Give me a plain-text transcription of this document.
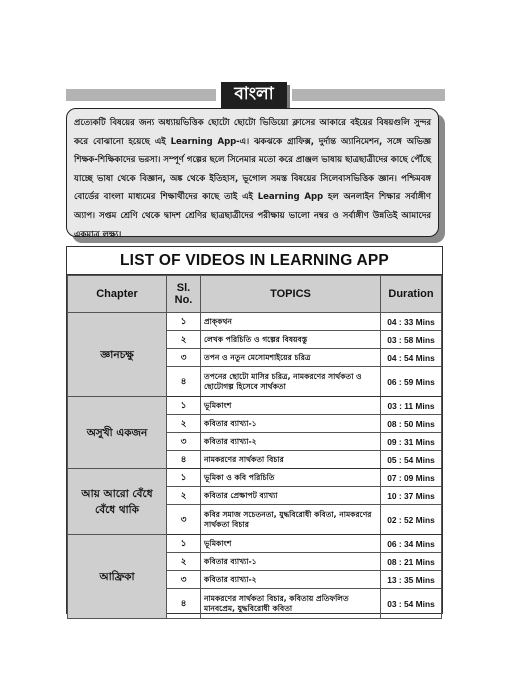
বাংলা

প্রত্যেকটি বিষয়ের জন্য অধ্যায়ভিত্তিক ছোটো ছোটো ভিডিয়ো ক্লাসের আকারে বইয়ের বিষয়গুলি সুন্দর করে বোঝানো হয়েছে এই Learning App-এ। ঝকঝকে গ্রাফিক্স, দুর্দান্ত অ্যানিমেশন, সঙ্গে অভিজ্ঞ শিক্ষক-শিক্ষিকাদের ভরসা। সম্পূর্ণ গল্পের ছলে সিনেমার মতো করে প্রাঞ্জল ভাষায় ছাত্রছাত্রীদের কাছে পৌঁছে যাচ্ছে ভাষা থেকে বিজ্ঞান, অঙ্ক থেকে ইতিহাস, ভূগোল সমস্ত বিষয়ের সিলেবাসভিত্তিক জ্ঞান। পশ্চিমবঙ্গ বোর্ডের বাংলা মাধ্যমের শিক্ষার্থীদের কাছে তাই এই Learning App হল অনলাইন শিক্ষার সর্বাঙ্গীণ অ্যাপ। সপ্তম শ্রেণি থেকে দ্বাদশ শ্রেণির ছাত্রছাত্রীদের পরীক্ষায় ভালো নম্বর ও সর্বাঙ্গীণ উন্নতিই আমাদের একমাত্র লক্ষ্য।

LIST OF VIDEOS IN LEARNING APP
Chapter	Sl. No.	TOPICS	Duration
জ্ঞানচক্ষু	১	প্রাক্‌কথন	04 : 33 Mins
	২	লেখক পরিচিতি ও গল্পের বিষয়বস্তু	03 : 58 Mins
	৩	তপন ও নতুন মেসোমশাইয়ের চরিত্র	04 : 54 Mins
	৪	তপনের ছোটো মাসির চরিত্র, নামকরণের সার্থকতা ও ছোটোগল্প হিসেবে সার্থকতা	06 : 59 Mins
অসুখী একজন	১	ভূমিকাংশ	03 : 11 Mins
	২	কবিতার ব্যাখ্যা-১	08 : 50 Mins
	৩	কবিতার ব্যাখ্যা-২	09 : 31 Mins
	৪	নামকরণের সার্থকতা বিচার	05 : 54 Mins
আয় আরো বেঁধে বেঁধে থাকি	১	ভূমিকা ও কবি পরিচিতি	07 : 09 Mins
	২	কবিতার প্রেক্ষাপট ব্যাখ্যা	10 : 37 Mins
	৩	কবির সমাজ সচেতনতা, যুদ্ধবিরোধী কবিতা, নামকরণের সার্থকতা বিচার	02 : 52 Mins
আফ্রিকা	১	ভূমিকাংশ	06 : 34 Mins
	২	কবিতার ব্যাখ্যা-১	08 : 21 Mins
	৩	কবিতার ব্যাখ্যা-২	13 : 35 Mins
	৪	নামকরণের সার্থকতা বিচার, কবিতায় প্রতিফলিত মানবপ্রেম, যুদ্ধবিরোধী কবিতা	03 : 54 Mins
